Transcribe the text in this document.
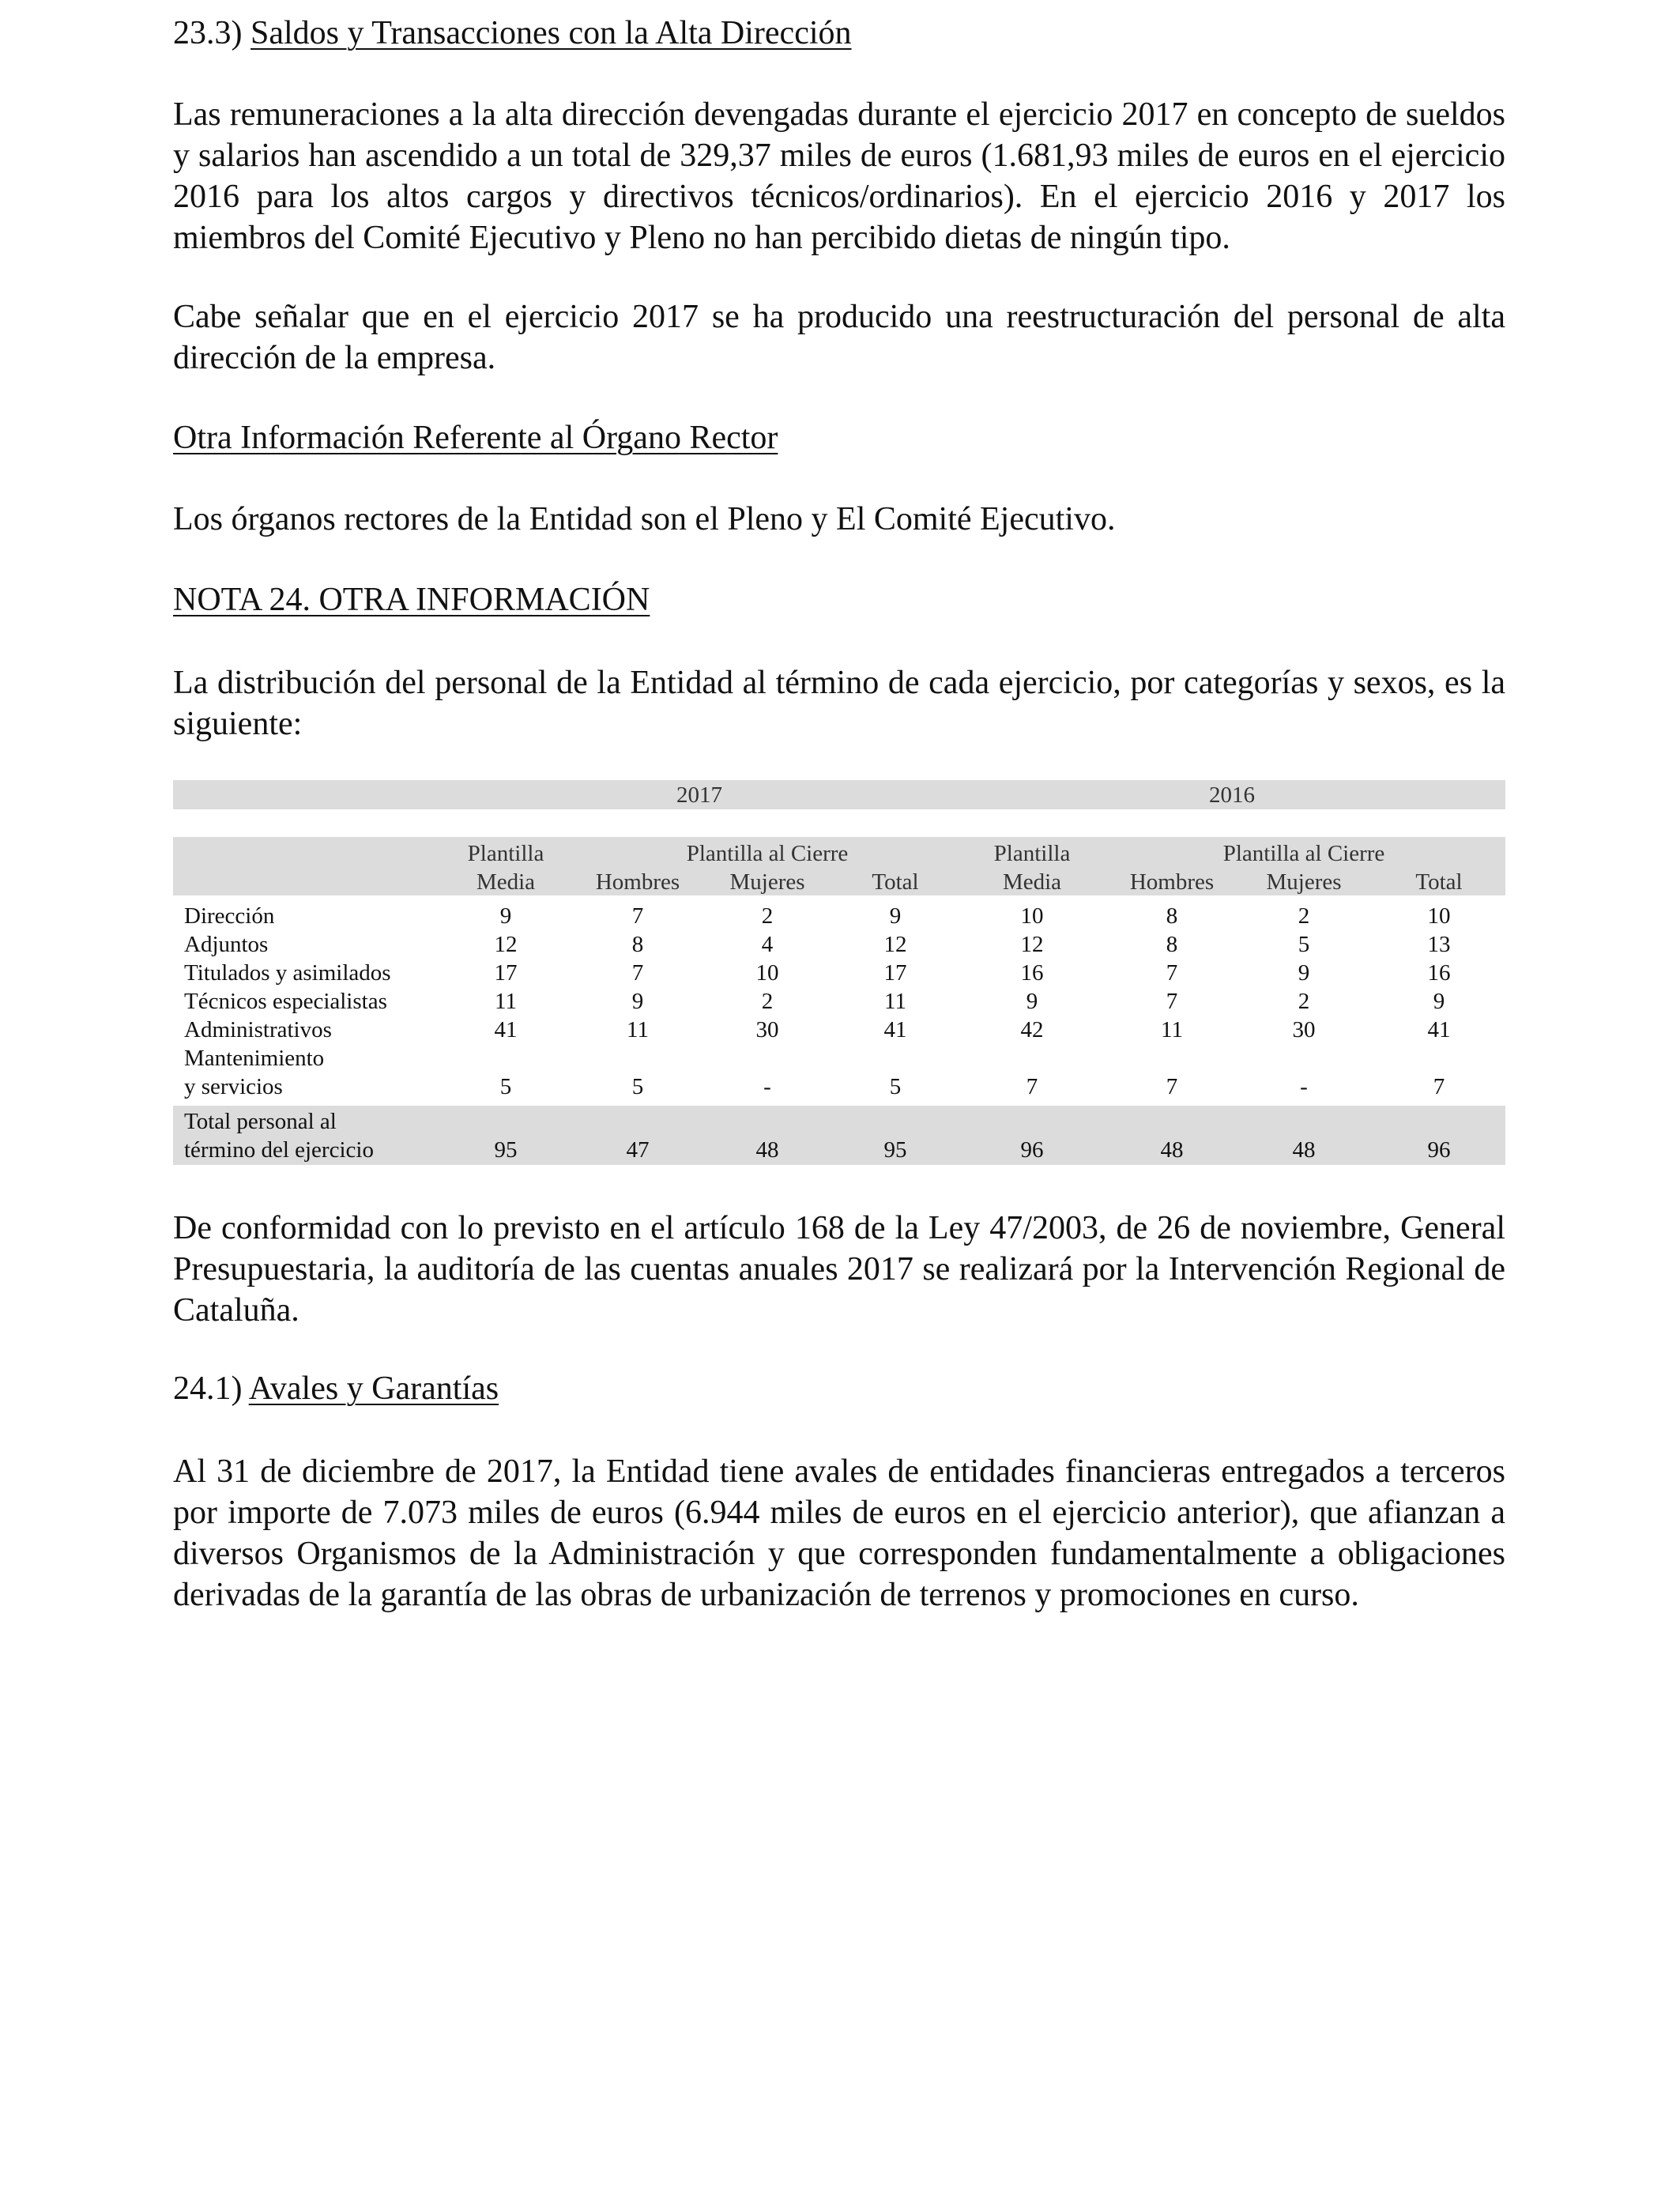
23.3) Saldos y Transacciones con la Alta Dirección

Las remuneraciones a la alta dirección devengadas durante el ejercicio 2017 en concepto de sueldos y salarios han ascendido a un total de 329,37 miles de euros (1.681,93 miles de euros en el ejercicio 2016 para los altos cargos y directivos técnicos/ordinarios). En el ejercicio 2016 y 2017 los miembros del Comité Ejecutivo y Pleno no han percibido dietas de ningún tipo.

Cabe señalar que en el ejercicio 2017 se ha producido una reestructuración del personal de alta dirección de la empresa.

Otra Información Referente al Órgano Rector

Los órganos rectores de la Entidad son el Pleno y El Comité Ejecutivo.

NOTA 24. OTRA INFORMACIÓN

La distribución del personal de la Entidad al término de cada ejercicio, por categorías y sexos, es la siguiente:

2017	2016
Plantilla
Media
Plantilla al Cierre
Hombres Mujeres	Total
Plantilla
Media
Plantilla al Cierre
Hombres Mujeres	Total
Dirección	9	7	2	9	10	8	2	10
Adjuntos	12	8	4	12	12	8	5	13
Titulados y asimilados	17	7	10	17	16	7	9	16
Técnicos especialistas	11	9	2	11	9	7	2	9
Administrativos	41	11	30	41	42	11	30	41
Mantenimiento
y servicios	5	5	-	5	7	7	-	7
Total personal al
término del ejercicio	95	47	48	95	96	48	48	96

De conformidad con lo previsto en el artículo 168 de la Ley 47/2003, de 26 de noviembre, General Presupuestaria, la auditoría de las cuentas anuales 2017 se realizará por la Intervención Regional de Cataluña.

24.1) Avales y Garantías

Al 31 de diciembre de 2017, la Entidad tiene avales de entidades financieras entregados a terceros por importe de 7.073 miles de euros (6.944 miles de euros en el ejercicio anterior), que afianzan a diversos Organismos de la Administración y que corresponden fundamentalmente a obligaciones derivadas de la garantía de las obras de urbanización de terrenos y promociones en curso.
